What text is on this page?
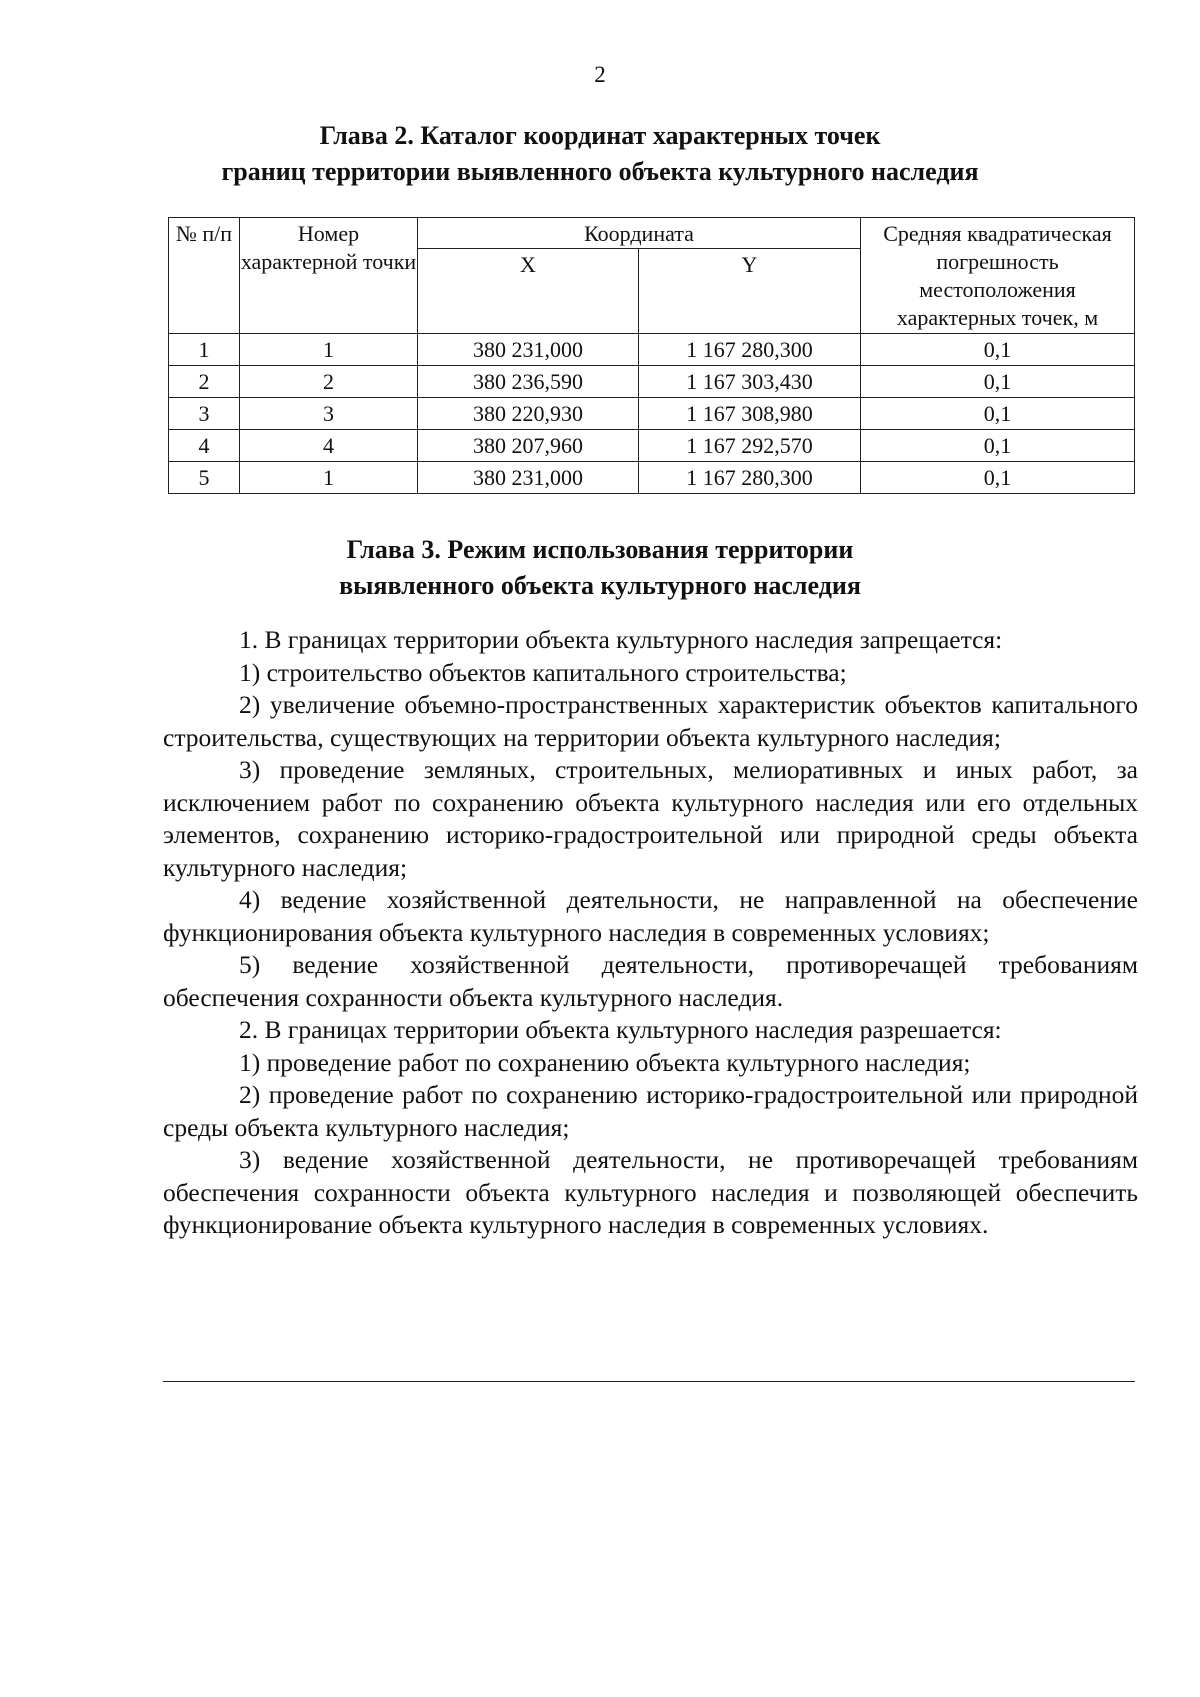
2
Глава 2. Каталог координат характерных точек
границ территории выявленного объекта культурного наследия
№ п/п	Номер характерной точки	Координата		Средняя квадратическая погрешность местоположения характерных точек, м
		X	Y	
1	1	380 231,000	1 167 280,300	0,1
2	2	380 236,590	1 167 303,430	0,1
3	3	380 220,930	1 167 308,980	0,1
4	4	380 207,960	1 167 292,570	0,1
5	1	380 231,000	1 167 280,300	0,1
Глава 3. Режим использования территории
выявленного объекта культурного наследия

1. В границах территории объекта культурного наследия запрещается:

1) строительство объектов капитального строительства;

2) увеличение объемно-пространственных характеристик объектов капитального строительства, существующих на территории объекта культурного наследия;

3) проведение земляных, строительных, мелиоративных и иных работ, за исключением работ по сохранению объекта культурного наследия или его отдельных элементов, сохранению историко-градостроительной или природной среды объекта культурного наследия;

4) ведение хозяйственной деятельности, не направленной на обеспечение функционирования объекта культурного наследия в современных условиях;

5) ведение хозяйственной деятельности, противоречащей требованиям обеспечения сохранности объекта культурного наследия.

2. В границах территории объекта культурного наследия разрешается:

1) проведение работ по сохранению объекта культурного наследия;

2) проведение работ по сохранению историко-градостроительной или природной среды объекта культурного наследия;

3) ведение хозяйственной деятельности, не противоречащей требованиям обеспечения сохранности объекта культурного наследия и позволяющей обеспечить функционирование объекта культурного наследия в современных условиях.
